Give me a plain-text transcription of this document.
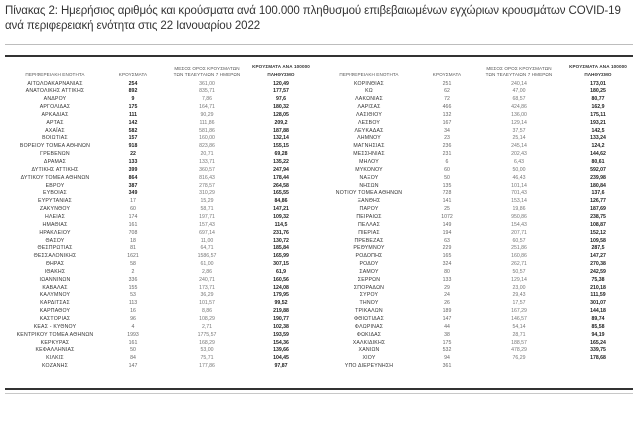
Πίνακας 2: Ημερήσιος αριθμός και κρούσματα ανά 100.000 πληθυσμού επιβεβαιωμένων εγχώριων κρουσμάτων COVID-19 ανά περιφερειακή ενότητα στις 22 Ιανουαρίου 2022
ΠΕΡΙΦΕΡΕΙΑΚΗ ΕΝΟΤΗΤΑ	ΚΡΟΥΣΜΑΤΑ
ΜΕΣΟΣ ΟΡΟΣ ΚΡΟΥΣΜΑΤΩΝ
ΤΩΝ ΤΕΛΕΥΤΑΙΩΝ 7 ΗΜΕΡΩΝ
ΚΡΟΥΣΜΑΤΑ ΑΝΑ 100000
ΠΛΗΘΥΣΜΟ	ΠΕΡΙΦΕΡΕΙΑΚΗ ΕΝΟΤΗΤΑ	ΚΡΟΥΣΜΑΤΑ
ΜΕΣΟΣ ΟΡΟΣ ΚΡΟΥΣΜΑΤΩΝ
ΤΩΝ ΤΕΛΕΥΤΑΙΩΝ 7 ΗΜΕΡΩΝ
ΚΡΟΥΣΜΑΤΑ ΑΝΑ 100000
ΠΛΗΘΥΣΜΟ
ΑΙΤΩΛΟΑΚΑΡΝΑΝΙΑΣ	254	361,00	120,49
ΑΝΑΤΟΛΙΚΗΣ ΑΤΤΙΚΗΣ	892	835,71	177,57
ΑΝΔΡΟΥ	9	7,86	97,6
ΑΡΓΟΛΙΔΑΣ	175	164,71	180,32
ΑΡΚΑΔΙΑΣ	111	90,29	128,05
ΑΡΤΑΣ	142	111,86	209,2
ΑΧΑΪΑΣ	582	581,86	187,88
ΒΟΙΩΤΙΑΣ	157	160,00	132,14
ΒΟΡΕΙΟΥ ΤΟΜΕΑ ΑΘΗΝΩΝ	918	823,86	155,15
ΓΡΕΒΕΝΩΝ	22	20,71	69,28
ΔΡΑΜΑΣ	133	133,71	135,22
ΔΥΤΙΚΗΣ ΑΤΤΙΚΗΣ	399	360,57	247,94
ΔΥΤΙΚΟΥ ΤΟΜΕΑ ΑΘΗΝΩΝ	864	816,43	178,44
ΕΒΡΟΥ	387	278,57	264,58
ΕΥΒΟΙΑΣ	349	310,29	165,55
ΕΥΡΥΤΑΝΙΑΣ	17	15,29	84,86
ΖΑΚΥΝΘΟΥ	60	58,71	147,21
ΗΛΕΙΑΣ	174	197,71	109,32
ΗΜΑΘΙΑΣ	161	157,43	114,5
ΗΡΑΚΛΕΙΟΥ	708	697,14	231,76
ΘΑΣΟΥ	18	11,00	130,72
ΘΕΣΠΡΩΤΙΑΣ	81	64,71	185,84
ΘΕΣΣΑΛΟΝΙΚΗΣ	1621	1586,57	165,99
ΘΗΡΑΣ	58	61,00	307,15
ΙΘΑΚΗΣ	2	2,86	61,9
ΙΩΑΝΝΙΝΩΝ	336	240,71	160,56
ΚΑΒΑΛΑΣ	155	173,71	124,08
ΚΑΛΥΜΝΟΥ	53	36,29	179,95
ΚΑΡΔΙΤΣΑΣ	113	101,57	99,52
ΚΑΡΠΑΘΟΥ	16	8,86	219,88
ΚΑΣΤΟΡΙΑΣ	96	108,29	190,77
ΚΕΑΣ - ΚΥΘΝΟΥ	4	2,71	102,38
ΚΕΝΤΡΙΚΟΥ ΤΟΜΕΑ ΑΘΗΝΩΝ	1993	1775,57	193,59
ΚΕΡΚΥΡΑΣ	161	168,29	154,36
ΚΕΦΑΛΛΗΝΙΑΣ	50	53,00	139,66
ΚΙΛΚΙΣ	84	75,71	104,45
ΚΟΖΑΝΗΣ	147	177,86	97,87
ΚΟΡΙΝΘΙΑΣ	251	240,14	173,01
ΚΩ	62	47,00	180,25
ΛΑΚΩΝΙΑΣ	72	68,57	80,77
ΛΑΡΙΣΑΣ	466	424,86	162,9
ΛΑΣΙΘΙΟΥ	132	136,00	175,11
ΛΕΣΒΟΥ	167	129,14	193,21
ΛΕΥΚΑΔΑΣ	34	37,57	142,5
ΛΗΜΝΟΥ	23	25,14	133,24
ΜΑΓΝΗΣΙΑΣ	236	245,14	124,2
ΜΕΣΣΗΝΙΑΣ	231	202,43	144,62
ΜΗΛΟΥ	6	6,43	80,61
ΜΥΚΟΝΟΥ	60	50,00	592,07
ΝΑΞΟΥ	50	46,43	239,98
ΝΗΣΩΝ	135	101,14	180,84
ΝΟΤΙΟΥ ΤΟΜΕΑ ΑΘΗΝΩΝ	728	701,43	137,6
ΞΑΝΘΗΣ	141	153,14	126,77
ΠΑΡΟΥ	25	19,86	187,69
ΠΕΙΡΑΙΩΣ	1072	950,86	238,75
ΠΕΛΛΑΣ	149	154,43	108,87
ΠΙΕΡΙΑΣ	194	207,71	152,12
ΠΡΕΒΕΖΑΣ	63	60,57	109,58
ΡΕΘΥΜΝΟΥ	229	251,86	287,5
ΡΟΔΟΠΗΣ	165	160,86	147,27
ΡΟΔΟΥ	324	262,71	270,38
ΣΑΜΟΥ	80	50,57	242,59
ΣΕΡΡΩΝ	133	129,14	75,38
ΣΠΟΡΑΔΩΝ	29	23,00	210,18
ΣΥΡΟΥ	24	29,43	111,59
ΤΗΝΟΥ	26	17,57	301,07
ΤΡΙΚΑΛΩΝ	189	167,29	144,18
ΦΘΙΩΤΙΔΑΣ	147	146,57	89,74
ΦΛΩΡΙΝΑΣ	44	54,14	85,58
ΦΩΚΙΔΑΣ	38	28,71	94,19
ΧΑΛΚΙΔΙΚΗΣ	175	188,57	165,24
ΧΑΝΙΩΝ	532	478,29	339,75
ΧΙΟΥ	94	76,29	178,68
ΥΠΟ ΔΙΕΡΕΥΝΗΣΗ	361
